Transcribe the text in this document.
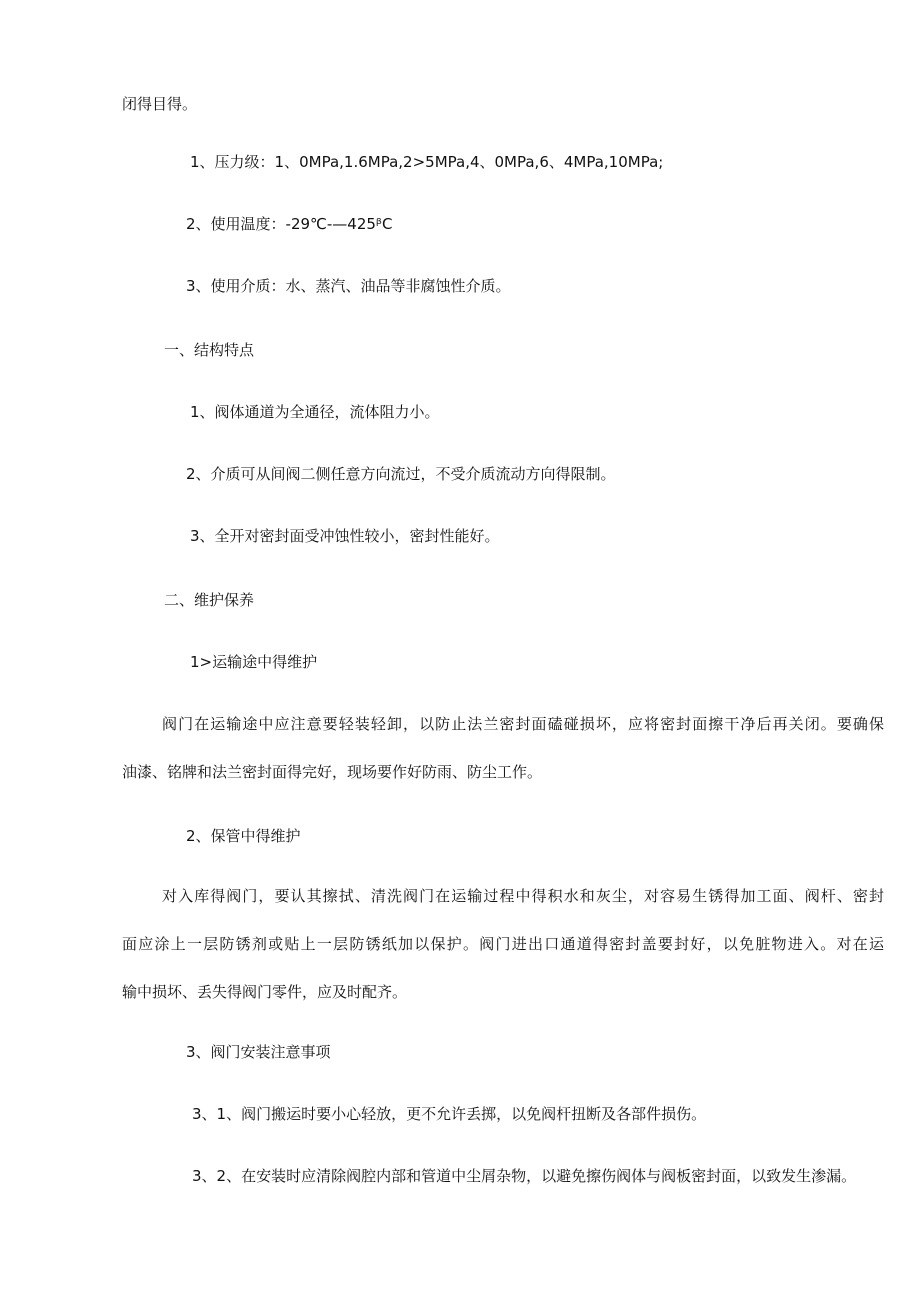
闭得目得。
1、压力级：1、0MPa,1.6MPa,2>5MPa,4、0MPa,6、4MPa,10MPa;
2、使用温度：-29℃-—425ᵝC
3、使用介质：水、蒸汽、油品等非腐蚀性介质。
一、结构特点
1、阀体通道为全通径，流体阻力小。
2、介质可从间阀二侧任意方向流过，不受介质流动方向得限制。
3、全开对密封面受冲蚀性较小，密封性能好。
二、维护保养
1>运输途中得维护
阀门在运输途中应注意要轻装轻卸，以防止法兰密封面磕碰损坏，应将密封面擦干净后再关闭。要确保
油漆、铭牌和法兰密封面得完好，现场要作好防雨、防尘工作。
2、保管中得维护
对入库得阀门，要认其擦拭、清洗阀门在运输过程中得积水和灰尘，对容易生锈得加工面、阀杆、密封
面应涂上一层防锈剂或贴上一层防锈纸加以保护。阀门进出口通道得密封盖要封好，以免脏物进入。对在运
输中损坏、丢失得阀门零件，应及时配齐。
3、阀门安装注意事项
3、1、阀门搬运时要小心轻放，更不允许丢掷，以免阀杆扭断及各部件损伤。
3、2、在安装时应清除阀腔内部和管道中尘屑杂物，以避免擦伤阀体与阀板密封面，以致发生渗漏。
